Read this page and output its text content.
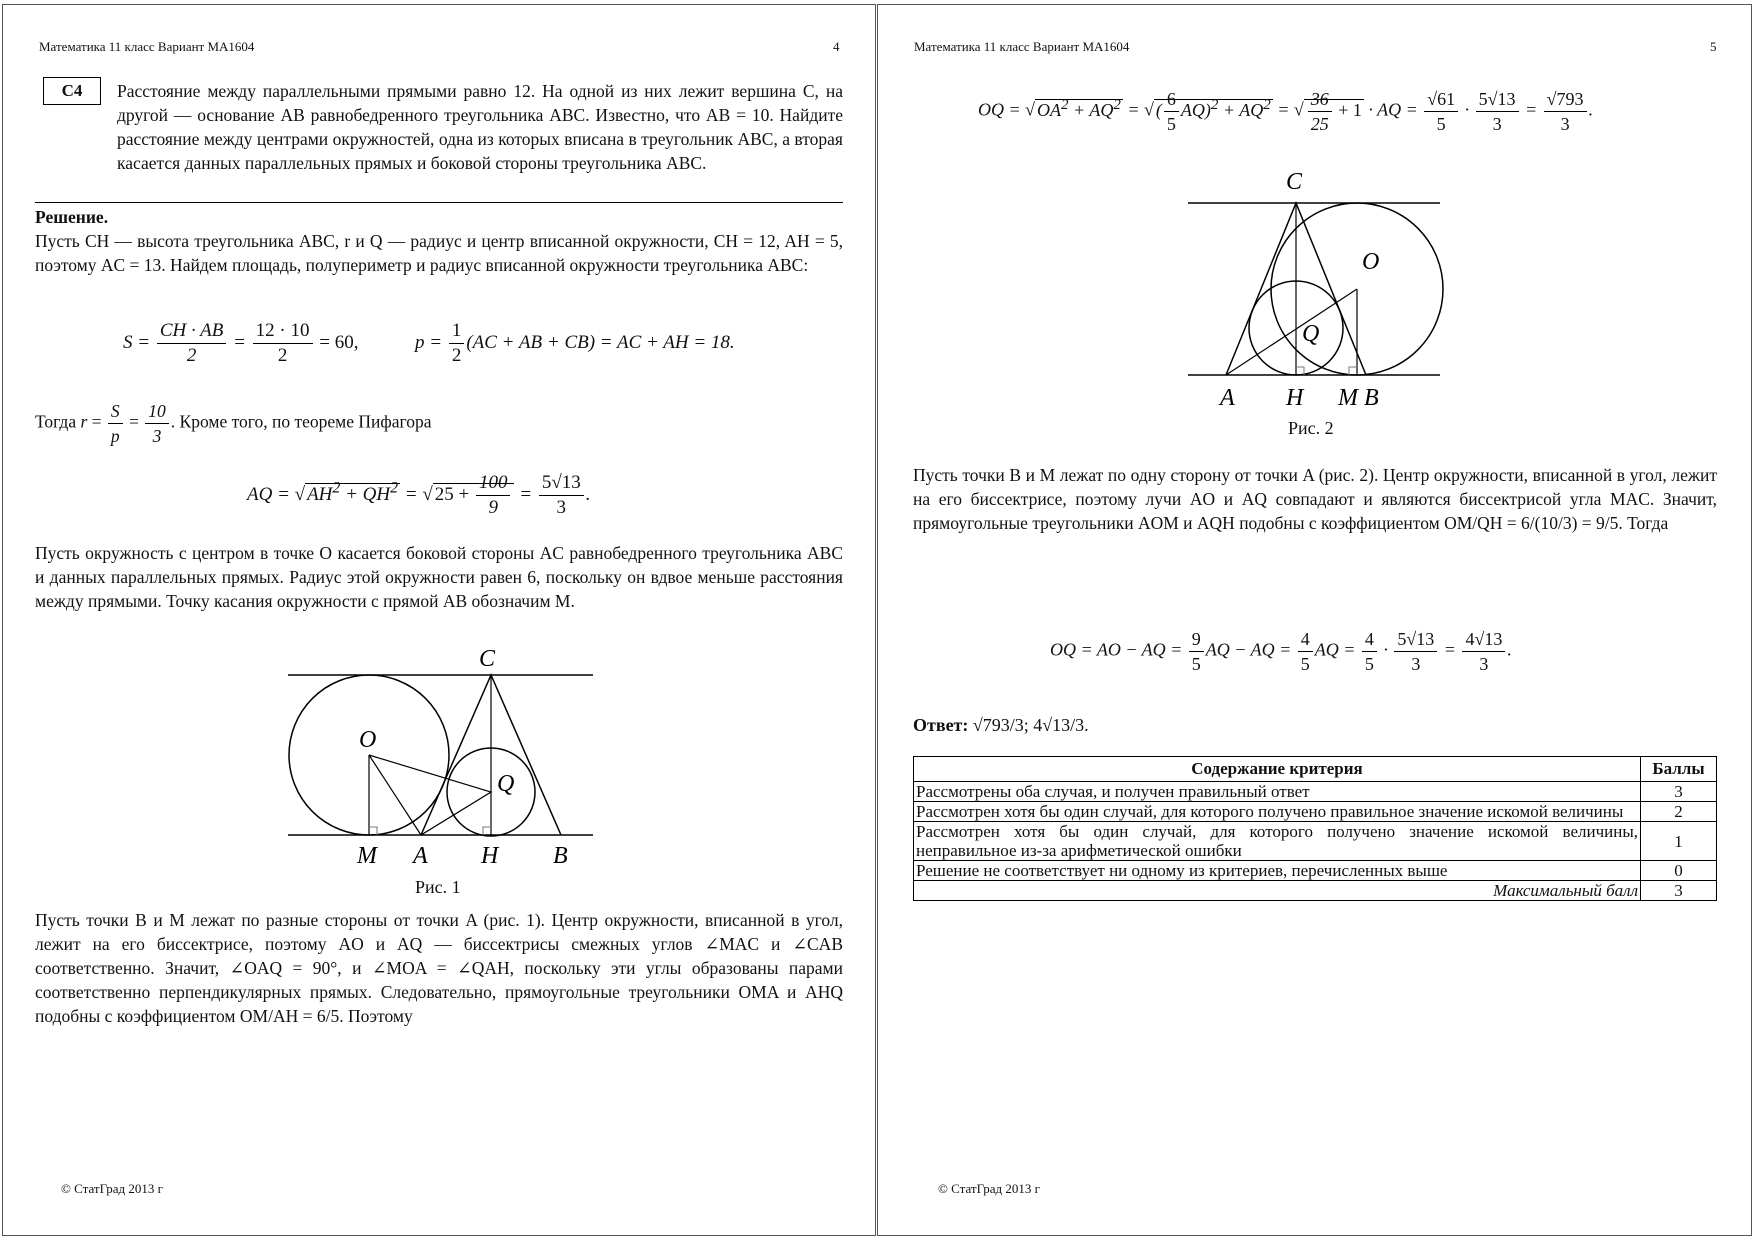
Математика 11 класс Вариант МА1604	4
С4	Расстояние между параллельными прямыми равно 12. На одной из них лежит вершина C, на другой — основание AB равнобедренного треугольника ABC. Известно, что AB = 10. Найдите расстояние между центрами окружностей, одна из которых вписана в треугольник ABC, а вторая касается данных параллельных прямых и боковой стороны треугольника ABC.
Решение.
Пусть CH — высота треугольника ABC, r и Q — радиус и центр вписанной окружности, CH = 12, AH = 5, поэтому AC = 13. Найдем площадь, полупериметр и радиус вписанной окружности треугольника ABC:
$S = \frac{CH \cdot AB}{2} = \frac{12 \cdot 10}{2} = 60$,	$p = \frac{1}{2} (AC$ + AB + CB) = AC + AH = 18.
Тогда $r = \frac{S}{p} = \frac{10}{3}$ . Кроме того, по теореме Пифагора
AQ = √ $AH^2 + QH^2$ = √ $25 + \frac{100}{9} = \frac{5√13}{3}$ .
Пусть окружность с центром в точке O касается боковой стороны AC равнобедренного треугольника ABC и данных параллельных прямых. Радиус этой окружности равен 6, поскольку он вдвое меньше расстояния между прямыми. Точку касания окружности с прямой AB обозначим M.
C
O
Q
M A H B
Рис. 1
Пусть точки B и M лежат по разные стороны от точки A (рис. 1). Центр окружности, вписанной в угол, лежит на его биссектрисе, поэтому AO и AQ — биссектрисы смежных углов ∠MAC и ∠CAB соответственно. Значит, ∠OAQ = 90°, и ∠MOA = ∠QAH, поскольку эти углы образованы парами соответственно перпендикулярных прямых. Следовательно, прямоугольные треугольники OMA и AHQ подобны с коэффициентом OM/AH = 6/5. Поэтому
© СтатГрад 2013 г
Математика 11 класс Вариант МА1604	5
OQ = √ $OA^2 + AQ^2$ = √ ( $\frac{6}{5} AQ)^2 + AQ^2$ = √ $\frac{36}{25} + 1$ · AQ = $\frac{√61}{5} \cdot \frac{5√13}{3} = \frac{√793}{3}$ .
C
O
Q
A H M B
Рис. 2
Пусть точки B и M лежат по одну сторону от точки A (рис. 2). Центр окружности, вписанной в угол, лежит на его биссектрисе, поэтому лучи AO и AQ совпадают и являются биссектрисой угла MAC. Значит, прямоугольные треугольники AOM и AQH подобны с коэффициентом OM/QH = 6/(10/3) = 9/5. Тогда
OQ = AO − AQ = $\frac{9}{5}$ AQ − AQ = $\frac{4}{5}$ AQ = $\frac{4}{5} \cdot \frac{5√13}{3} = \frac{4√13}{3}$ .
Ответ: √793/3; 4√13/3.
Содержание критерия	Баллы
Рассмотрены оба случая, и получен правильный ответ	3
Рассмотрен хотя бы один случай, для которого получено правильное значение искомой величины	2
Рассмотрен хотя бы один случай, для которого получено значение искомой величины, неправильное из-за арифметической ошибки	1
Решение не соответствует ни одному из критериев, перечисленных выше	0
Максимальный балл	3
© СтатГрад 2013 г
